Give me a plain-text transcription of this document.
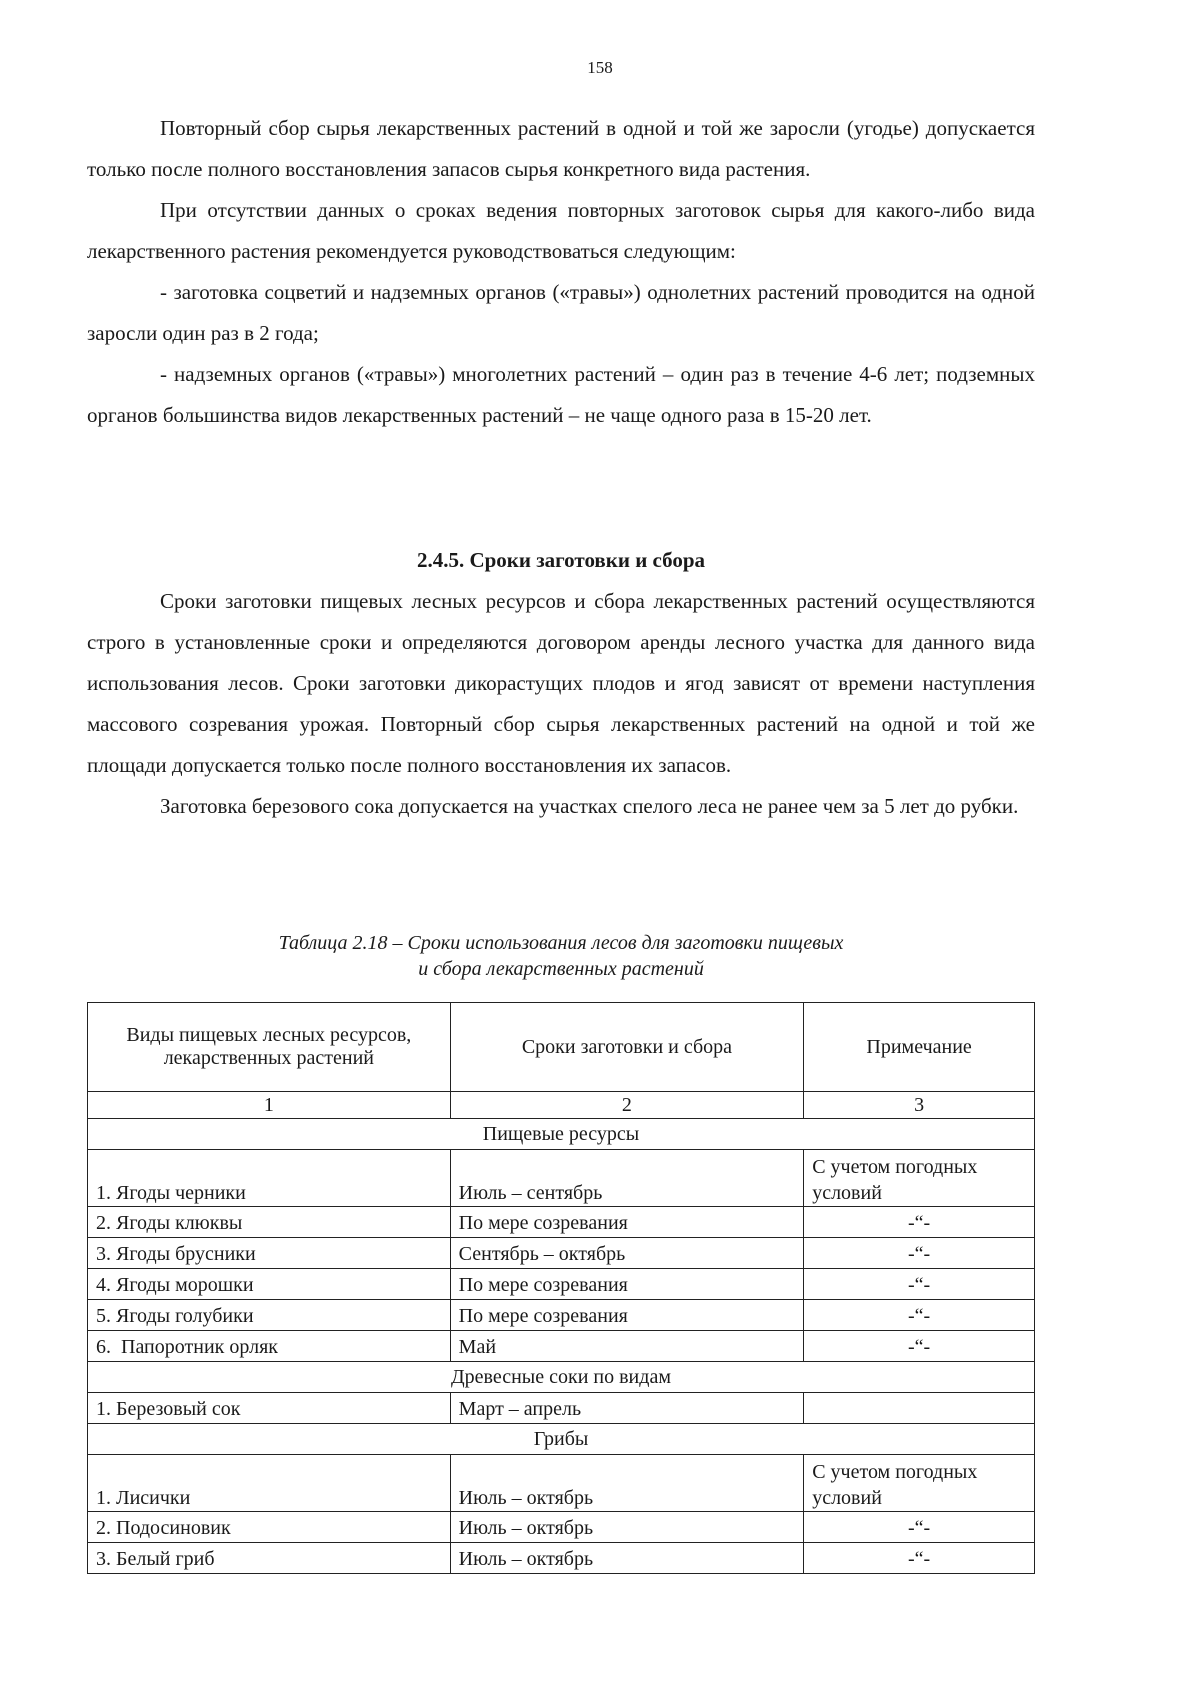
158

Повторный сбор сырья лекарственных растений в одной и той же заросли (угодье) допускается только после полного восстановления запасов сырья конкретного вида растения.

При отсутствии данных о сроках ведения повторных заготовок сырья для какого-либо вида лекарственного растения рекомендуется руководствоваться следующим:

- заготовка соцветий и надземных органов («травы») однолетних растений проводится на одной заросли один раз в 2 года;

- надземных органов («травы») многолетних растений – один раз в течение 4-6 лет; подземных органов большинства видов лекарственных растений – не чаще одного раза в 15-20 лет.

2.4.5. Сроки заготовки и сбора

Сроки заготовки пищевых лесных ресурсов и сбора лекарственных растений осуществляются строго в установленные сроки и определяются договором аренды лесного участка для данного вида использования лесов. Сроки заготовки дикорастущих плодов и ягод зависят от времени наступления массового созревания урожая. Повторный сбор сырья лекарственных растений на одной и той же площади допускается только после полного восстановления их запасов.

Заготовка березового сока допускается на участках спелого леса не ранее чем за 5 лет до рубки.

Таблица 2.18 – Сроки использования лесов для заготовки пищевых
и сбора лекарственных растений
Виды пищевых лесных ресурсов, лекарственных растений	Сроки заготовки и сбора	Примечание
1	2	3
Пищевые ресурсы		
1. Ягоды черники	Июль – сентябрь	С учетом погодных условий
2. Ягоды клюквы	По мере созревания	-“-
3. Ягоды брусники	Сентябрь – октябрь	-“-
4. Ягоды морошки	По мере созревания	-“-
5. Ягоды голубики	По мере созревания	-“-
6.  Папоротник орляк	Май	-“-
Древесные соки по видам		
1. Березовый сок	Март – апрель	
Грибы		
1. Лисички	Июль – октябрь	С учетом погодных условий
2. Подосиновик	Июль – октябрь	-“-
3. Белый гриб	Июль – октябрь	-“-
